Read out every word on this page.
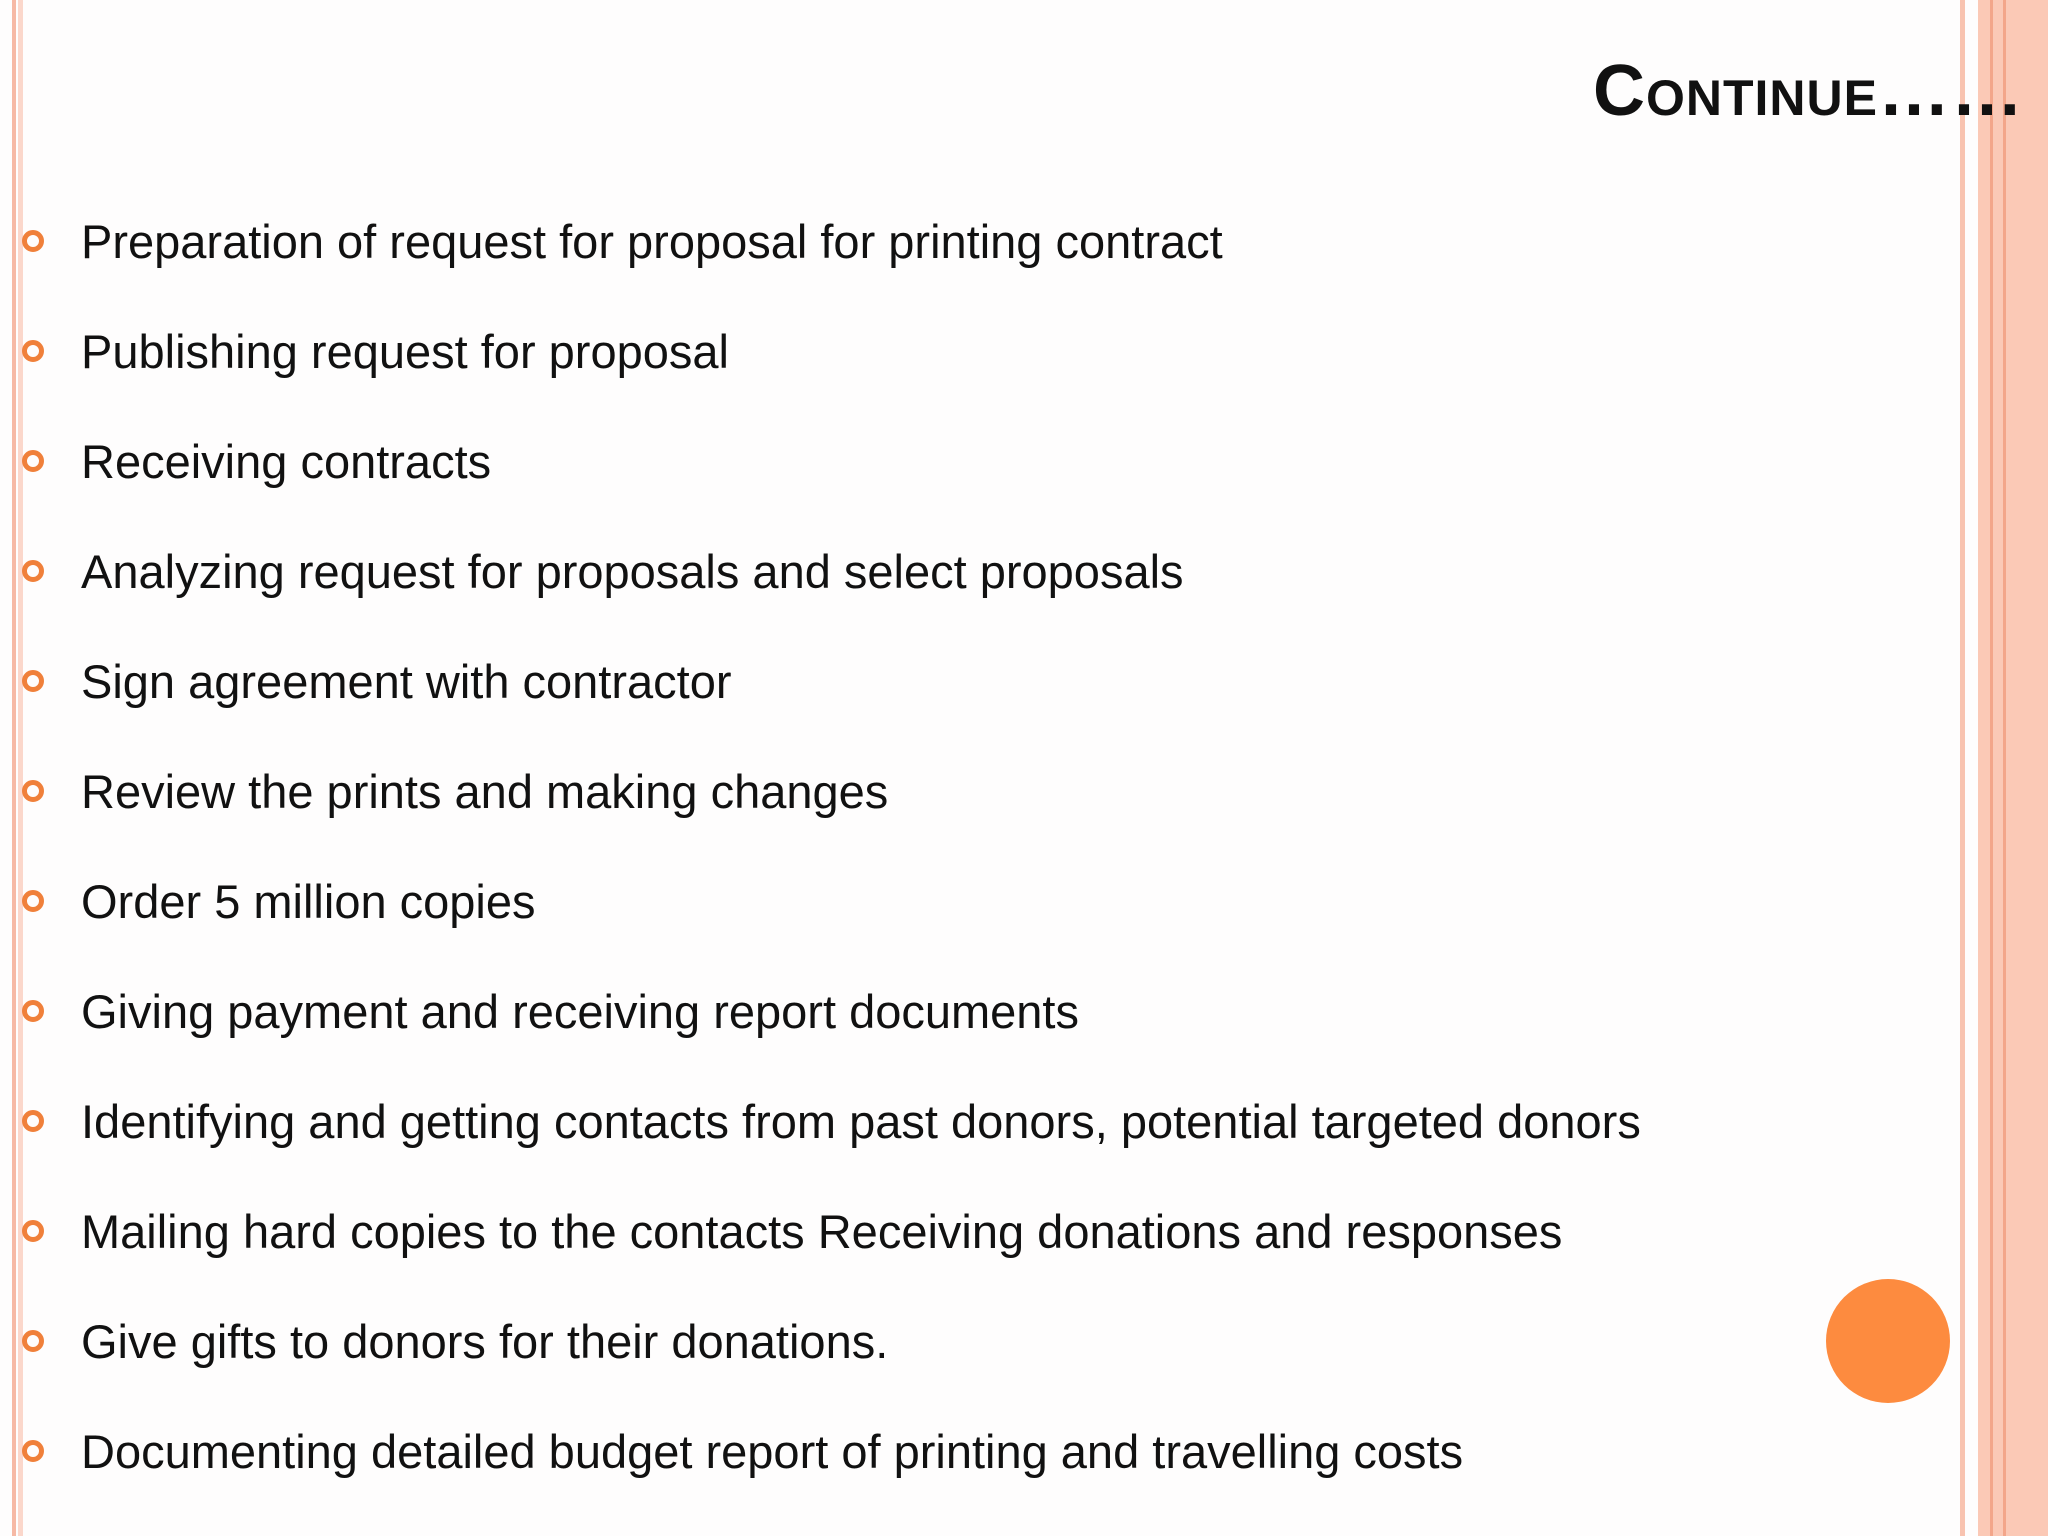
Continue……
Preparation of request for proposal for printing contract
Publishing request for proposal
Receiving contracts
Analyzing request for proposals and select proposals
Sign agreement with contractor
Review the prints and making changes
Order 5 million copies
Giving payment and receiving report documents
Identifying and getting contacts from past donors, potential targeted donors
Mailing hard copies to the contacts Receiving donations and responses
Give gifts to donors for their donations.
Documenting detailed budget report of printing and travelling costs
